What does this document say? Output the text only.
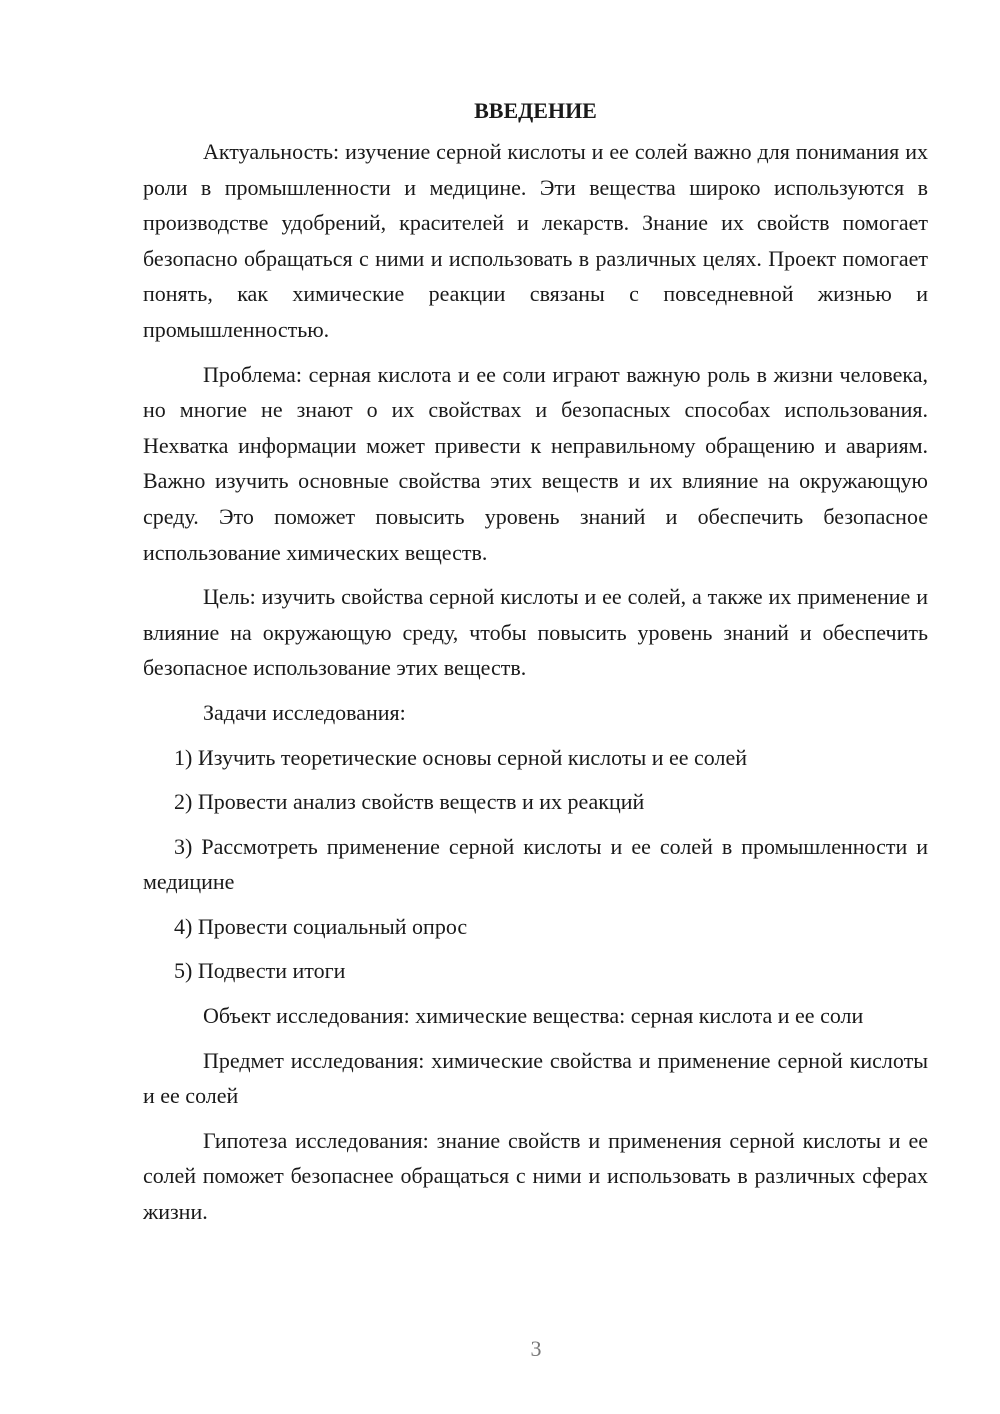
ВВЕДЕНИЕ

Актуальность: изучение серной кислоты и ее солей важно для понимания их роли в промышленности и медицине. Эти вещества широко используются в производстве удобрений, красителей и лекарств. Знание их свойств помогает безопасно обращаться с ними и использовать в различных целях. Проект помогает понять, как химические реакции связаны с повседневной жизнью и промышленностью.

Проблема: серная кислота и ее соли играют важную роль в жизни человека, но многие не знают о их свойствах и безопасных способах использования. Нехватка информации может привести к неправильному обращению и авариям. Важно изучить основные свойства этих веществ и их влияние на окружающую среду. Это поможет повысить уровень знаний и обеспечить безопасное использование химических веществ.

Цель: изучить свойства серной кислоты и ее солей, а также их применение и влияние на окружающую среду, чтобы повысить уровень знаний и обеспечить безопасное использование этих веществ.

Задачи исследования:

1) Изучить теоретические основы серной кислоты и ее солей

2) Провести анализ свойств веществ и их реакций

3) Рассмотреть применение серной кислоты и ее солей в промышленности и медицине

4) Провести социальный опрос

5) Подвести итоги

Объект исследования: химические вещества: серная кислота и ее соли

Предмет исследования: химические свойства и применение серной кислоты и ее солей

Гипотеза исследования: знание свойств и применения серной кислоты и ее солей поможет безопаснее обращаться с ними и использовать в различных сферах жизни.

3
